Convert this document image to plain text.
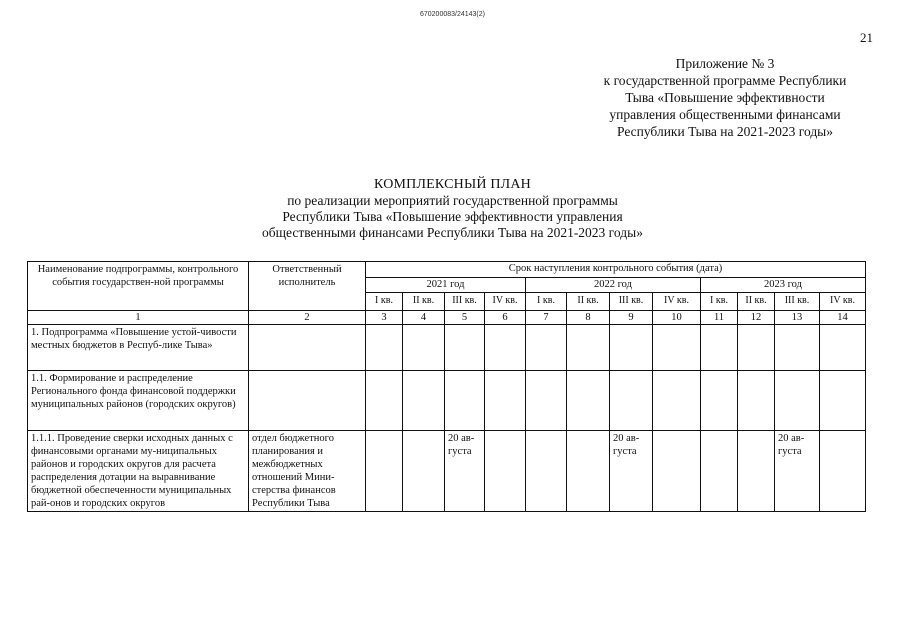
670200083/24143(2)
21
Приложение № 3
к государственной программе Республики
Тыва «Повышение эффективности
управления общественными финансами
Республики Тыва на 2021-2023 годы»
КОМПЛЕКСНЫЙ ПЛАН
по реализации мероприятий государственной программы
Республики Тыва «Повышение эффективности управления
общественными финансами Республики Тыва на 2021-2023 годы»
Наименование подпрограммы, контрольного события государствен-ной программы	Ответственный исполнитель	Срок наступления контрольного события (дата)											
		2021 год				2022 год				2023 год			
		I кв.	II кв.	III кв.	IV кв.	I кв.	II кв.	III кв.	IV кв.	I кв.	II кв.	III кв.	IV кв.
1	2	3	4	5	6	7	8	9	10	11	12	13	14
1. Подпрограмма «Повышение устой-чивости местных бюджетов в Респуб-лике Тыва»													
1.1. Формирование и распределение Регионального фонда финансовой поддержки муниципальных районов (городских округов)													
1.1.1. Проведение сверки исходных данных с финансовыми органами му-ниципальных районов и городских округов для расчета распределения дотации на выравнивание бюджетной обеспеченности муниципальных рай-онов и городских округов	отдел бюджетного планирования и межбюджетных отношений Мини-стерства финансов Республики Тыва			20 ав-густа				20 ав-густа				20 ав-густа	
